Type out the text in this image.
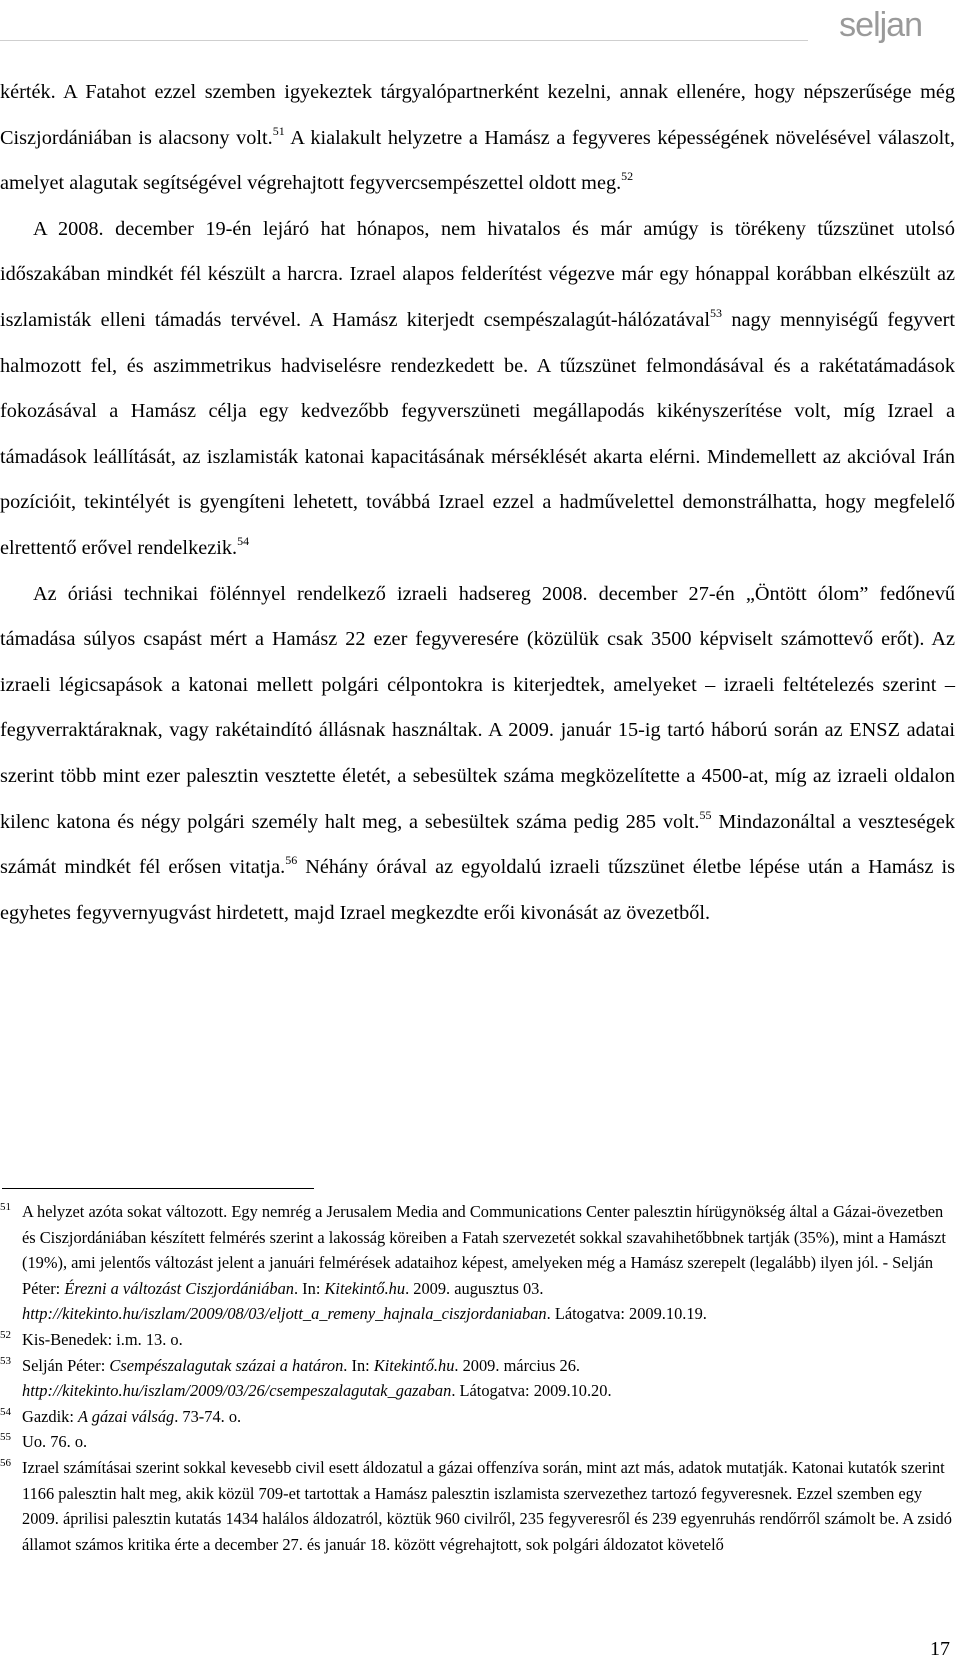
seljan

kérték. A Fatahot ezzel szemben igyekeztek tárgyalópartnerként kezelni, annak ellenére, hogy népszerűsége még Ciszjordániában is alacsony volt.$^{51}$ A kialakult helyzetre a Hamász a fegyveres képességének növelésével válaszolt, amelyet alagutak segítségével végrehajtott fegyvercsempészettel oldott meg.$^{52}$

A 2008. december 19-én lejáró hat hónapos, nem hivatalos és már amúgy is törékeny tűzszünet utolsó időszakában mindkét fél készült a harcra. Izrael alapos felderítést végezve már egy hónappal korábban elkészült az iszlamisták elleni támadás tervével. A Hamász kiterjedt csempészalagút-hálózatával$^{53}$ nagy mennyiségű fegyvert halmozott fel, és aszimmetrikus hadviselésre rendezkedett be. A tűzszünet felmondásával és a rakétatámadások fokozásával a Hamász célja egy kedvezőbb fegyverszüneti megállapodás kikényszerítése volt, míg Izrael a támadások leállítását, az iszlamisták katonai kapacitásának mérséklését akarta elérni. Mindemellett az akcióval Irán pozícióit, tekintélyét is gyengíteni lehetett, továbbá Izrael ezzel a hadművelettel demonstrálhatta, hogy megfelelő elrettentő erővel rendelkezik.$^{54}$

Az óriási technikai fölénnyel rendelkező izraeli hadsereg 2008. december 27-én „Öntött ólom” fedőnevű támadása súlyos csapást mért a Hamász 22 ezer fegyveresére (közülük csak 3500 képviselt számottevő erőt). Az izraeli légicsapások a katonai mellett polgári célpontokra is kiterjedtek, amelyeket – izraeli feltételezés szerint – fegyverraktáraknak, vagy rakétaindító állásnak használtak. A 2009. január 15-ig tartó háború során az ENSZ adatai szerint több mint ezer palesztin vesztette életét, a sebesültek száma megközelítette a 4500-at, míg az izraeli oldalon kilenc katona és négy polgári személy halt meg, a sebesültek száma pedig 285 volt.$^{55}$ Mindazonáltal a veszteségek számát mindkét fél erősen vitatja.$^{56}$ Néhány órával az egyoldalú izraeli tűzszünet életbe lépése után a Hamász is egyhetes fegyvernyugvást hirdetett, majd Izrael megkezdte erői kivonását az övezetből.

51 A helyzet azóta sokat változott. Egy nemrég a Jerusalem Media and Communications Center palesztin hírügynökség által a Gázai-övezetben és Ciszjordániában készített felmérés szerint a lakosság köreiben a Fatah szervezetét sokkal szavahihetőbbnek tartják (35%), mint a Hamászt (19%), ami jelentős változást jelent a januári felmérések adataihoz képest, amelyeken még a Hamász szerepelt (legalább) ilyen jól. - Selján Péter: Érezni a változást Ciszjordániában. In: Kitekintő.hu. 2009. augusztus 03. http://kitekinto.hu/iszlam/2009/08/03/eljott_a_remeny_hajnala_ciszjordaniaban. Látogatva: 2009.10.19.
52 Kis-Benedek: i.m. 13. o.
53 Selján Péter: Csempészalagutak százai a határon. In: Kitekintő.hu. 2009. március 26. http://kitekinto.hu/iszlam/2009/03/26/csempeszalagutak_gazaban. Látogatva: 2009.10.20.
54 Gazdik: A gázai válság. 73-74. o.
55 Uo. 76. o.
56 Izrael számításai szerint sokkal kevesebb civil esett áldozatul a gázai offenzíva során, mint azt más, adatok mutatják. Katonai kutatók szerint 1166 palesztin halt meg, akik közül 709-et tartottak a Hamász palesztin iszlamista szervezethez tartozó fegyveresnek. Ezzel szemben egy 2009. áprilisi palesztin kutatás 1434 halálos áldozatról, köztük 960 civilről, 235 fegyveresről és 239 egyenruhás rendőrről számolt be. A zsidó államot számos kritika érte a december 27. és január 18. között végrehajtott, sok polgári áldozatot követelő
17
